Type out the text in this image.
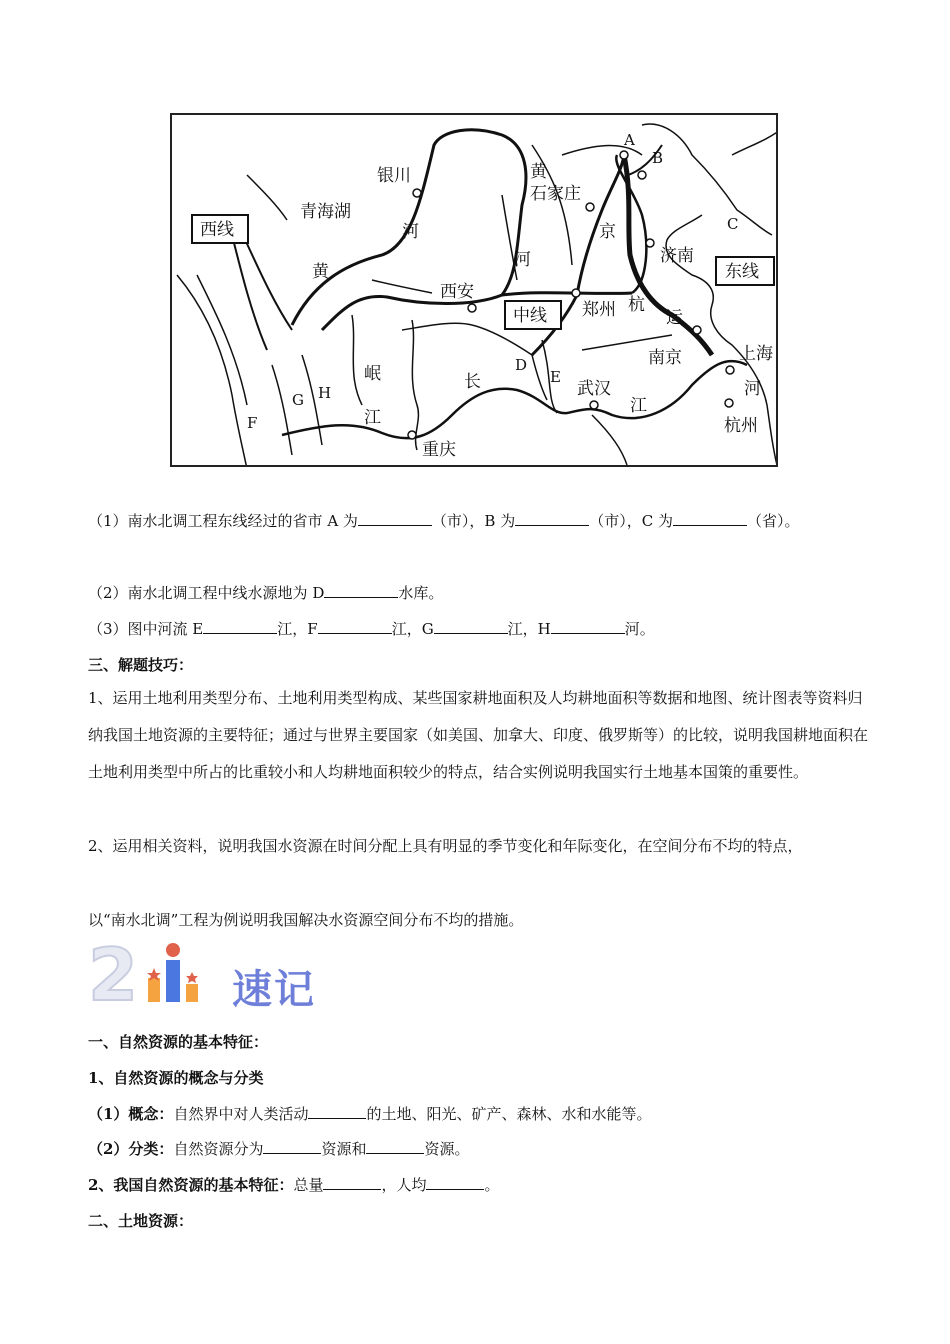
A
B
C
D
E
F
G H
银川
青海湖
黄
河
黄
河
石家庄
京
济南
西安
郑州 杭
运
岷
江
长
南京	上海
武汉
江
河
杭州
重庆
西线
东线
中线
（1）南水北调工程东线经过的省市 A 为	（市），B 为	（市），C 为	（省）。
（2）南水北调工程中线水源地为 D	水库。
（3）图中河流 E	江，F	江，G	江，H	河。
三、解题技巧：
1、运用土地利用类型分布、土地利用类型构成、某些国家耕地面积及人均耕地面积等数据和地图、统计图表等资料归纳我国土地资源的主要特征；通过与世界主要国家（如美国、加拿大、印度、俄罗斯等）的比较，说明我国耕地面积在土地利用类型中所占的比重较小和人均耕地面积较少的特点，结合实例说明我国实行土地基本国策的重要性。
2、运用相关资料，说明我国水资源在时间分配上具有明显的季节变化和年际变化，在空间分布不均的特点，
以“南水北调”工程为例说明我国解决水资源空间分布不均的措施。
2 速记
一、自然资源的基本特征：
1、自然资源的概念与分类
（1）概念：自然界中对人类活动	的土地、阳光、矿产、森林、水和水能等。
（2）分类：自然资源分为	资源和	资源。
2、我国自然资源的基本特征：总量	，人均	。
二、土地资源：
